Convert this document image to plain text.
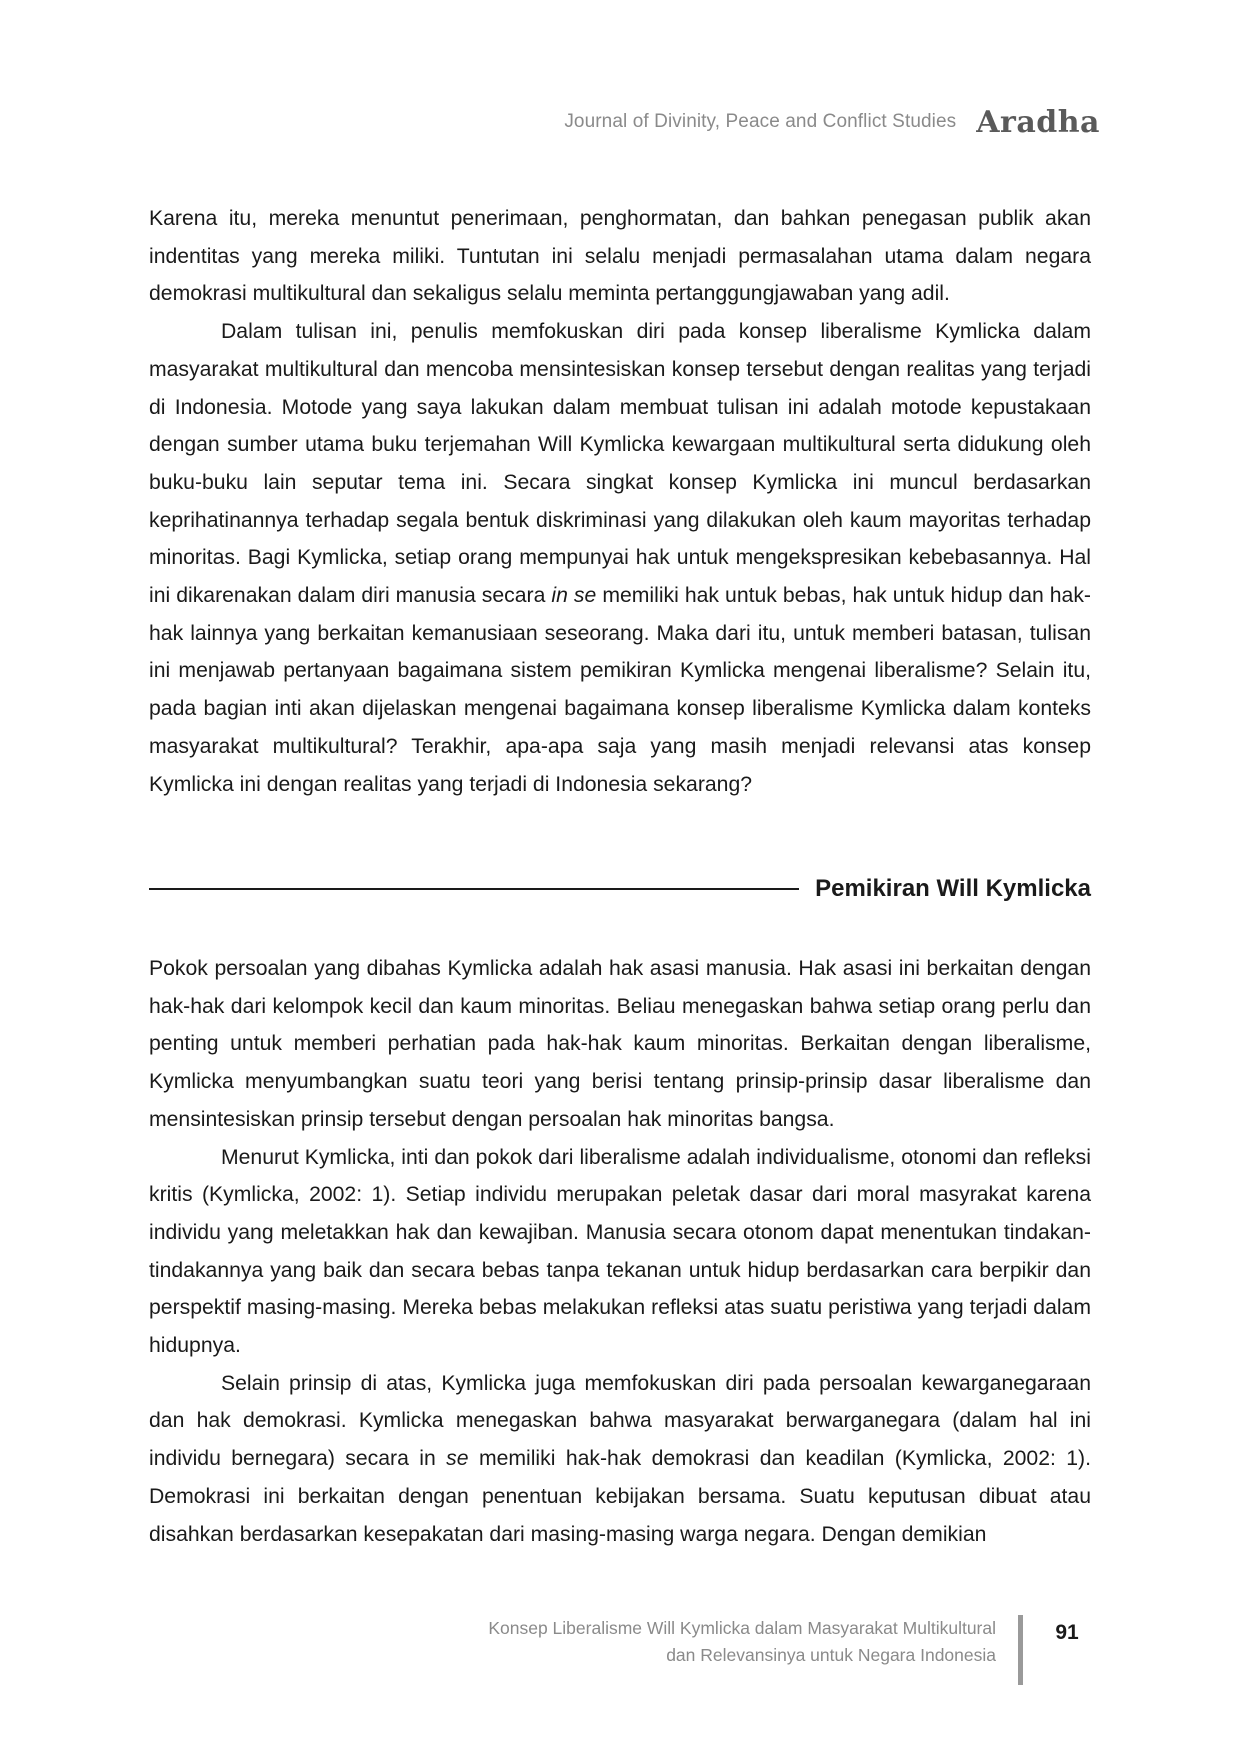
Journal of Divinity, Peace and Conflict Studies Aradha

Karena itu, mereka menuntut penerimaan, penghormatan, dan bahkan penegasan publik akan indentitas yang mereka miliki. Tuntutan ini selalu menjadi permasalahan utama dalam negara demokrasi multikultural dan sekaligus selalu meminta pertanggungjawaban yang adil.

Dalam tulisan ini, penulis memfokuskan diri pada konsep liberalisme Kymlicka dalam masyarakat multikultural dan mencoba mensintesiskan konsep tersebut dengan realitas yang terjadi di Indonesia. Motode yang saya lakukan dalam membuat tulisan ini adalah motode kepustakaan dengan sumber utama buku terjemahan Will Kymlicka kewargaan multikultural serta didukung oleh buku-buku lain seputar tema ini. Secara singkat konsep Kymlicka ini muncul berdasarkan keprihatinannya terhadap segala bentuk diskriminasi yang dilakukan oleh kaum mayoritas terhadap minoritas. Bagi Kymlicka, setiap orang mempunyai hak untuk mengekspresikan kebebasannya. Hal ini dikarenakan dalam diri manusia secara in se memiliki hak untuk bebas, hak untuk hidup dan hak-hak lainnya yang berkaitan kemanusiaan seseorang. Maka dari itu, untuk memberi batasan, tulisan ini menjawab pertanyaan bagaimana sistem pemikiran Kymlicka mengenai liberalisme? Selain itu, pada bagian inti akan dijelaskan mengenai bagaimana konsep liberalisme Kymlicka dalam konteks masyarakat multikultural? Terakhir, apa-apa saja yang masih menjadi relevansi atas konsep Kymlicka ini dengan realitas yang terjadi di Indonesia sekarang?

Pemikiran Will Kymlicka

Pokok persoalan yang dibahas Kymlicka adalah hak asasi manusia. Hak asasi ini berkaitan dengan hak-hak dari kelompok kecil dan kaum minoritas. Beliau menegaskan bahwa setiap orang perlu dan penting untuk memberi perhatian pada hak-hak kaum minoritas. Berkaitan dengan liberalisme, Kymlicka menyumbangkan suatu teori yang berisi tentang prinsip-prinsip dasar liberalisme dan mensintesiskan prinsip tersebut dengan persoalan hak minoritas bangsa.

Menurut Kymlicka, inti dan pokok dari liberalisme adalah individualisme, otonomi dan refleksi kritis (Kymlicka, 2002: 1). Setiap individu merupakan peletak dasar dari moral masyrakat karena individu yang meletakkan hak dan kewajiban. Manusia secara otonom dapat menentukan tindakan-tindakannya yang baik dan secara bebas tanpa tekanan untuk hidup berdasarkan cara berpikir dan perspektif masing-masing. Mereka bebas melakukan refleksi atas suatu peristiwa yang terjadi dalam hidupnya.

Selain prinsip di atas, Kymlicka juga memfokuskan diri pada persoalan kewarganegaraan dan hak demokrasi. Kymlicka menegaskan bahwa masyarakat berwarganegara (dalam hal ini individu bernegara) secara in se memiliki hak-hak demokrasi dan keadilan (Kymlicka, 2002: 1). Demokrasi ini berkaitan dengan penentuan kebijakan bersama. Suatu keputusan dibuat atau disahkan berdasarkan kesepakatan dari masing-masing warga negara. Dengan demikian

Konsep Liberalisme Will Kymlicka dalam Masyarakat Multikultural
dan Relevansinya untuk Negara Indonesia
91
